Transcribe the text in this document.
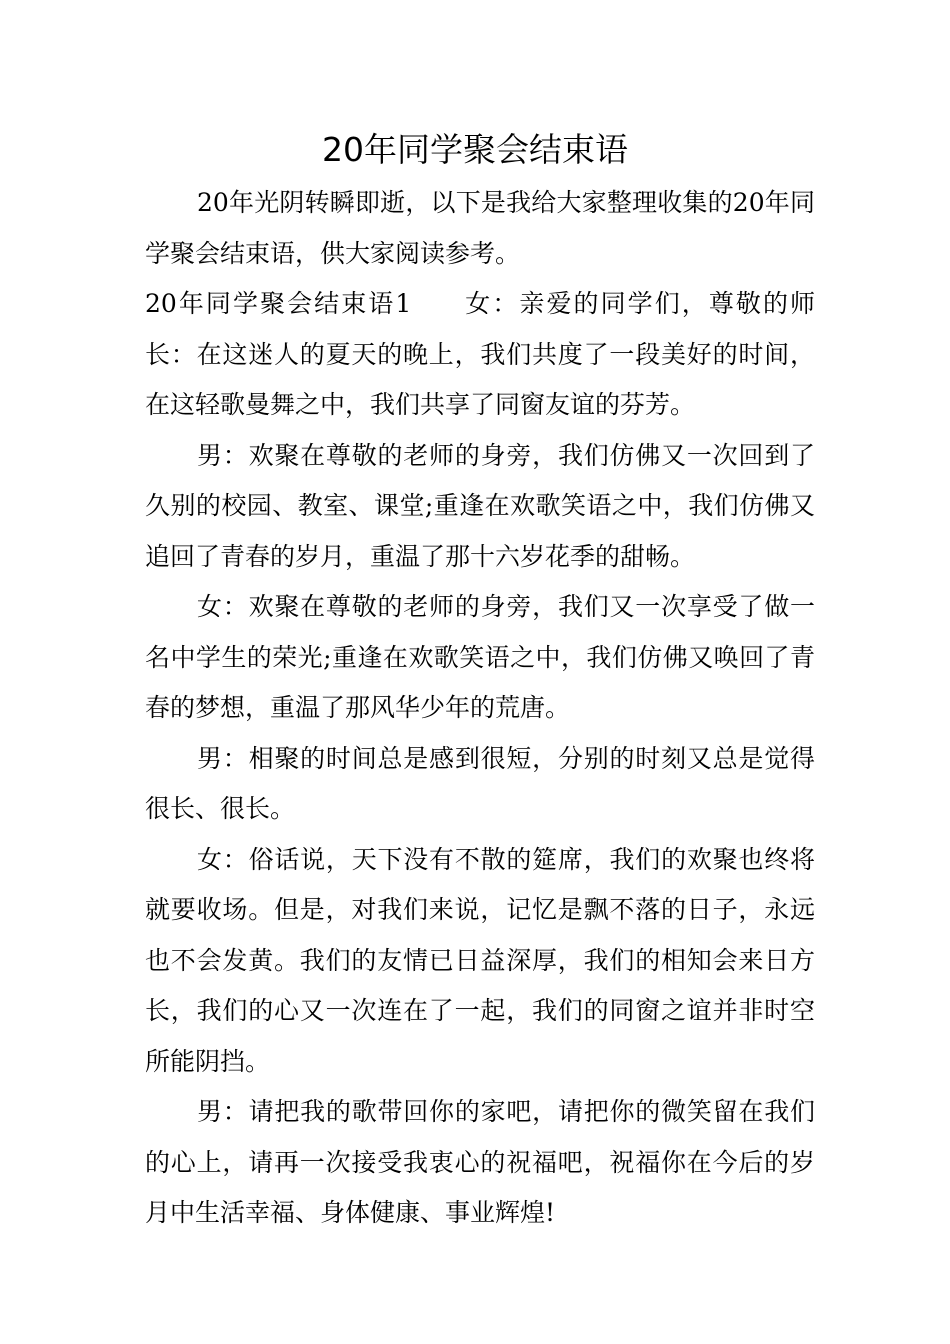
20年同学聚会结束语

20年光阴转瞬即逝，以下是我给大家整理收集的20年同学聚会结束语，供大家阅读参考。

20年同学聚会结束语1 女：亲爱的同学们，尊敬的师长：在这迷人的夏天的晚上，我们共度了一段美好的时间，在这轻歌曼舞之中，我们共享了同窗友谊的芬芳。

男：欢聚在尊敬的老师的身旁，我们仿佛又一次回到了久别的校园、教室、课堂;重逢在欢歌笑语之中，我们仿佛又追回了青春的岁月，重温了那十六岁花季的甜畅。

女：欢聚在尊敬的老师的身旁，我们又一次享受了做一名中学生的荣光;重逢在欢歌笑语之中，我们仿佛又唤回了青春的梦想，重温了那风华少年的荒唐。

男：相聚的时间总是感到很短，分别的时刻又总是觉得很长、很长。

女：俗话说，天下没有不散的筵席，我们的欢聚也终将就要收场。但是，对我们来说，记忆是飘不落的日子，永远也不会发黄。我们的友情已日益深厚，我们的相知会来日方长，我们的心又一次连在了一起，我们的同窗之谊并非时空所能阴挡。

男：请把我的歌带回你的家吧，请把你的微笑留在我们的心上，请再一次接受我衷心的祝福吧，祝福你在今后的岁月中生活幸福、身体健康、事业辉煌!
